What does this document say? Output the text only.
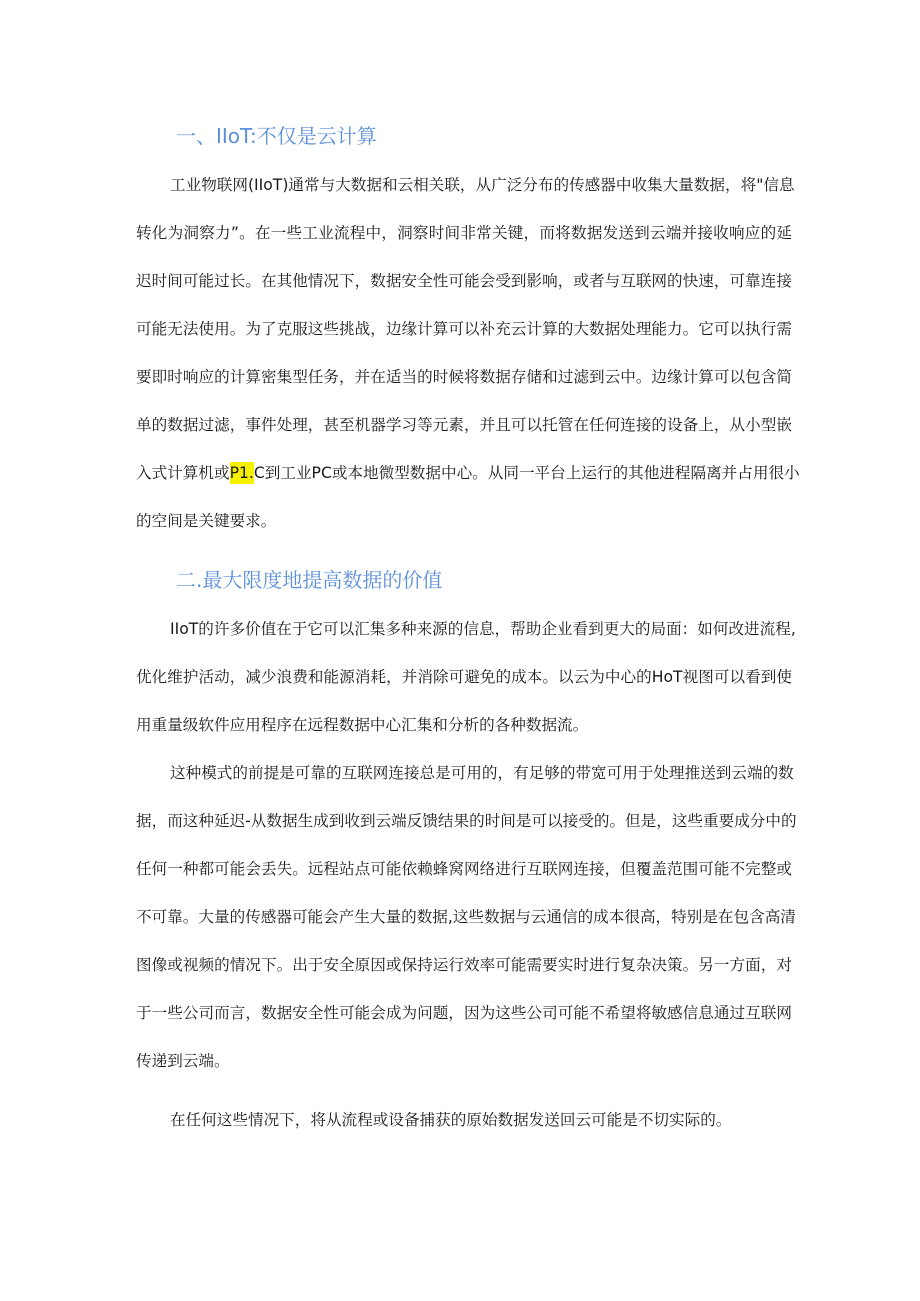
一、IIoT:不仅是云计算

工业物联网(IIoT)通常与大数据和云相关联，从广泛分布的传感器中收集大量数据，将"信息
转化为洞察力”。在一些工业流程中，洞察时间非常关键，而将数据发送到云端并接收响应的延
迟时间可能过长。在其他情况下，数据安全性可能会受到影响，或者与互联网的快速，可靠连接
可能无法使用。为了克服这些挑战，边缘计算可以补充云计算的大数据处理能力。它可以执行需
要即时响应的计算密集型任务，并在适当的时候将数据存储和过滤到云中。边缘计算可以包含简
单的数据过滤，事件处理，甚至机器学习等元素，并且可以托管在任何连接的设备上，从小型嵌
入式计算机或P1.C到工业PC或本地微型数据中心。从同一平台上运行的其他进程隔离并占用很小
的空间是关键要求。

二.最大限度地提高数据的价值

IIoT的许多价值在于它可以汇集多种来源的信息，帮助企业看到更大的局面：如何改进流程,
优化维护活动，减少浪费和能源消耗，并消除可避免的成本。以云为中心的HoT视图可以看到使
用重量级软件应用程序在远程数据中心汇集和分析的各种数据流。

这种模式的前提是可靠的互联网连接总是可用的，有足够的带宽可用于处理推送到云端的数
据，而这种延迟-从数据生成到收到云端反馈结果的时间是可以接受的。但是，这些重要成分中的
任何一种都可能会丢失。远程站点可能依赖蜂窝网络进行互联网连接，但覆盖范围可能不完整或
不可靠。大量的传感器可能会产生大量的数据,这些数据与云通信的成本很高，特别是在包含高清
图像或视频的情况下。出于安全原因或保持运行效率可能需要实时进行复杂决策。另一方面，对
于一些公司而言，数据安全性可能会成为问题，因为这些公司可能不希望将敏感信息通过互联网
传递到云端。

在任何这些情况下，将从流程或设备捕获的原始数据发送回云可能是不切实际的。
